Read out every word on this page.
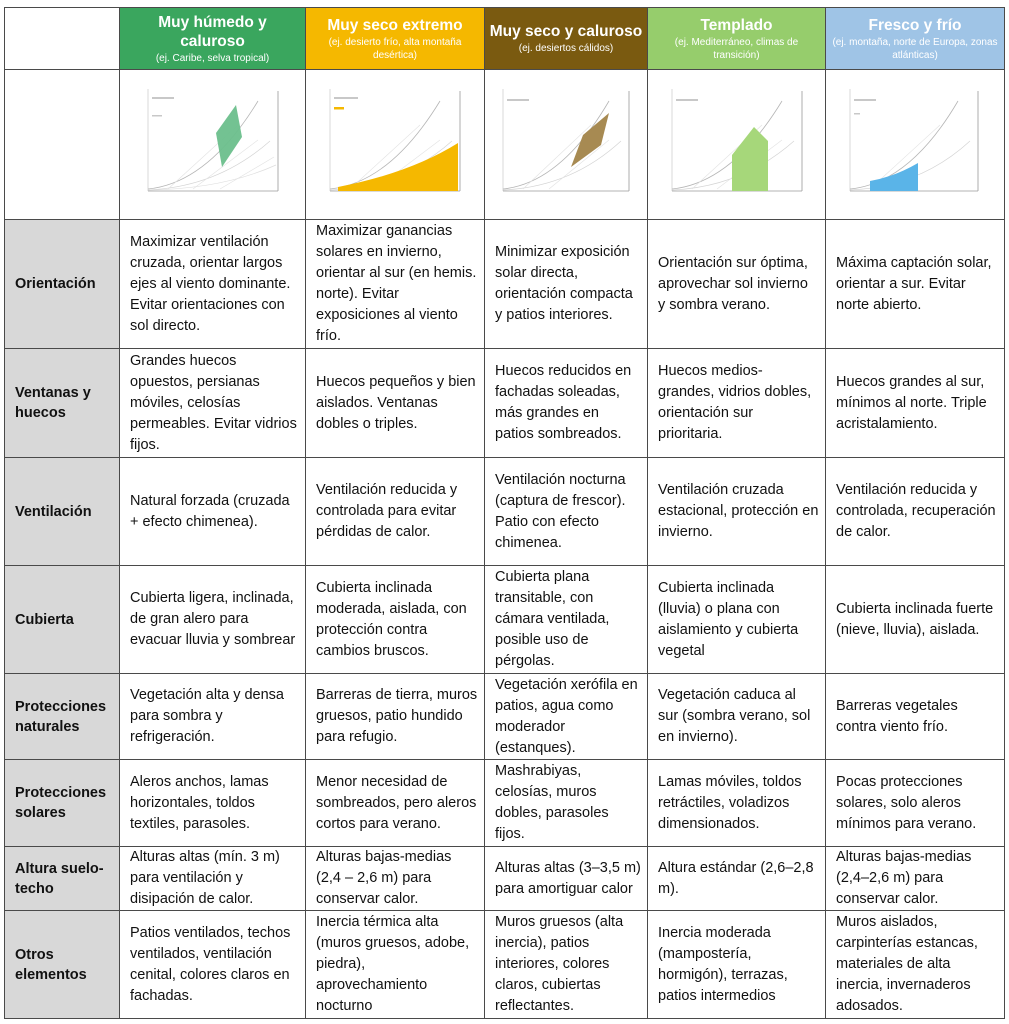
Muy húmedo y caluroso
(ej. Caribe, selva tropical)
Muy seco extremo
(ej. desierto frío, alta montaña desértica)
Muy seco y caluroso
(ej. desiertos cálidos)
Templado
(ej. Mediterráneo, climas de transición)
Fresco y frío
(ej. montaña, norte de Europa, zonas atlánticas)
Orientación
Maximizar ventilación cruzada, orientar largos ejes al viento dominante. Evitar orientaciones con sol directo.
Maximizar ganancias solares en invierno, orientar al sur (en hemis. norte). Evitar exposiciones al viento frío.
Minimizar exposición solar directa, orientación compacta y patios interiores.
Orientación sur óptima, aprovechar sol invierno y sombra verano.
Máxima captación solar, orientar a sur. Evitar norte abierto.
Ventanas y huecos
Grandes huecos opuestos, persianas móviles, celosías permeables. Evitar vidrios fijos.
Huecos pequeños y bien aislados. Ventanas dobles o triples.
Huecos reducidos en fachadas soleadas, más grandes en patios sombreados.
Huecos medios-grandes, vidrios dobles, orientación sur prioritaria.
Huecos grandes al sur, mínimos al norte. Triple acristalamiento.
Ventilación
Natural forzada (cruzada + efecto chimenea).
Ventilación reducida y controlada para evitar pérdidas de calor.
Ventilación nocturna (captura de frescor). Patio con efecto chimenea.
Ventilación cruzada estacional, protección en invierno.
Ventilación reducida y controlada, recuperación de calor.
Cubierta
Cubierta ligera, inclinada, de gran alero para evacuar lluvia y sombrear
Cubierta inclinada moderada, aislada, con protección contra cambios bruscos.
Cubierta plana transitable, con cámara ventilada, posible uso de pérgolas.
Cubierta inclinada (lluvia) o plana con aislamiento y cubierta vegetal
Cubierta inclinada fuerte (nieve, lluvia), aislada.
Protecciones naturales
Vegetación alta y densa para sombra y refrigeración.
Barreras de tierra, muros gruesos, patio hundido para refugio.
Vegetación xerófila en patios, agua como moderador (estanques).
Vegetación caduca al sur (sombra verano, sol en invierno).
Barreras vegetales contra viento frío.
Protecciones solares
Aleros anchos, lamas horizontales, toldos textiles, parasoles.
Menor necesidad de sombreados, pero aleros cortos para verano.
Mashrabiyas, celosías, muros dobles, parasoles fijos.
Lamas móviles, toldos retráctiles, voladizos dimensionados.
Pocas protecciones solares, solo aleros mínimos para verano.
Altura suelo-techo
Alturas altas (mín. 3 m) para ventilación y disipación de calor.
Alturas bajas-medias (2,4 – 2,6 m) para conservar calor.
Alturas altas (3–3,5 m) para amortiguar calor
Altura estándar (2,6–2,8 m).
Alturas bajas-medias (2,4–2,6 m) para conservar calor.
Otros elementos
Patios ventilados, techos ventilados, ventilación cenital, colores claros en fachadas.
Inercia térmica alta (muros gruesos, adobe, piedra), aprovechamiento nocturno
Muros gruesos (alta inercia), patios interiores, colores claros, cubiertas reflectantes.
Inercia moderada (mampostería, hormigón), terrazas, patios intermedios
Muros aislados, carpinterías estancas, materiales de alta inercia, invernaderos adosados.
